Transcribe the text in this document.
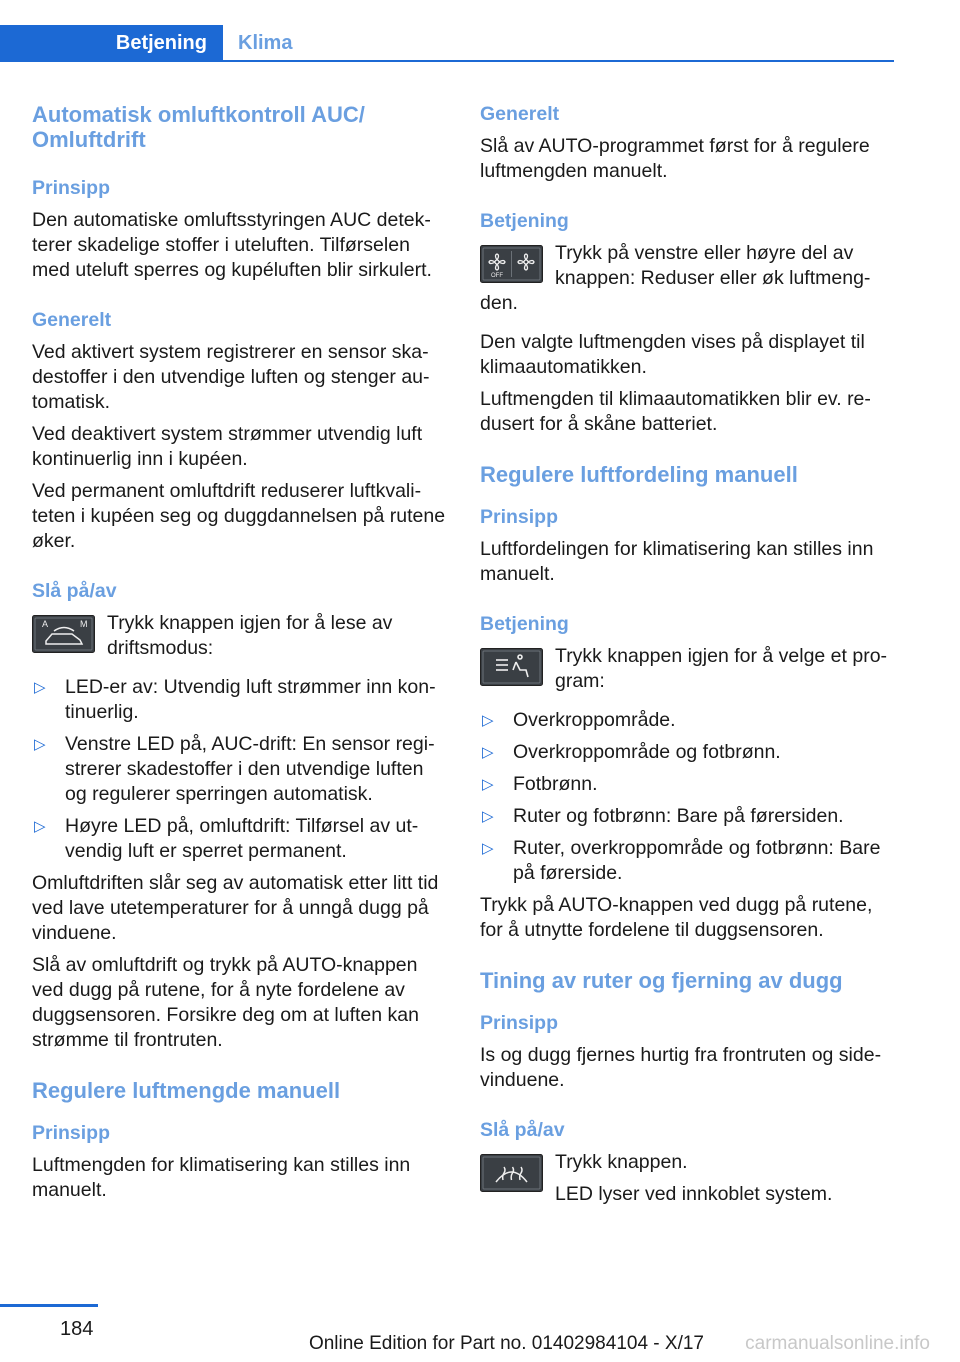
Betjening	Klima
Automatisk omluftkontroll AUC/ Omluftdrift
Prinsipp
Den automatiske omluftsstyringen AUC detekterer skadelige stoffer i uteluften. Tilførselen med uteluft sperres og kupéluften blir sirkulert.
Generelt
Ved aktivert system registrerer en sensor skadestoffer i den utvendige luften og stenger automatisk.
Ved deaktivert system strømmer utvendig luft kontinuerlig inn i kupéen.
Ved permanent omluftdrift reduserer luftkvaliteten i kupéen seg og duggdannelsen på rutene øker.
Slå på/av
A	M	Trykk knappen igjen for å lese av driftsmodus:
▷ LED-er av: Utvendig luft strømmer inn kontinuerlig.
▷ Venstre LED på, AUC-drift: En sensor registrerer skadestoffer i den utvendige luften og regulerer sperringen automatisk.
▷ Høyre LED på, omluftdrift: Tilførsel av utvendig luft er sperret permanent.
Omluftdriften slår seg av automatisk etter litt tid ved lave utetemperaturer for å unngå dugg på vinduene.
Slå av omluftdrift og trykk på AUTO-knappen ved dugg på rutene, for å nyte fordelene av duggsensoren. Forsikre deg om at luften kan strømme til frontruten.
Regulere luftmengde manuell
Prinsipp
Luftmengden for klimatisering kan stilles inn manuelt.
Generelt
Slå av AUTO-programmet først for å regulere luftmengden manuelt.
Betjening
OFF
Trykk på venstre eller høyre del av knappen: Reduser eller øk luftmengden.
Den valgte luftmengden vises på displayet til klimaautomatikken.
Luftmengden til klimaautomatikken blir ev. redusert for å skåne batteriet.
Regulere luftfordeling manuell
Prinsipp
Luftfordelingen for klimatisering kan stilles inn manuelt.
Betjening
Trykk knappen igjen for å velge et program:
▷ Overkroppområde.
▷ Overkroppområde og fotbrønn.
▷ Fotbrønn.
▷ Ruter og fotbrønn: Bare på førersiden.
▷ Ruter, overkroppområde og fotbrønn: Bare på førerside.
Trykk på AUTO-knappen ved dugg på rutene, for å utnytte fordelene til duggsensoren.
Tining av ruter og fjerning av dugg
Prinsipp
Is og dugg fjernes hurtig fra frontruten og sidevinduene.
Slå på/av
Trykk knappen.
LED lyser ved innkoblet system.
184
Online Edition for Part no. 01402984104 - X/17 carmanualsonline.info
